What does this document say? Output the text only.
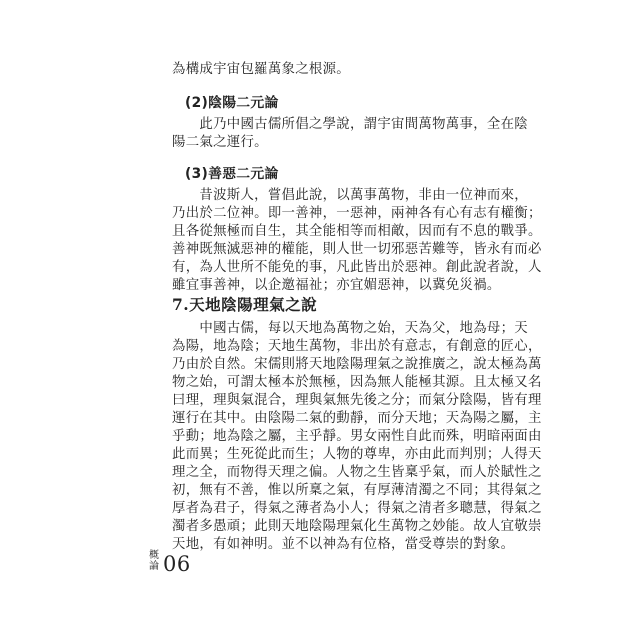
為構成宇宙包羅萬象之根源。
(2)陰陽二元論
　　此乃中國古儒所倡之學說，謂宇宙間萬物萬事，全在陰
陽二氣之運行。
(3)善惡二元論
　　昔波斯人，嘗倡此說，以萬事萬物，非由一位神而來，
乃出於二位神。即一善神，一惡神，兩神各有心有志有權衡；
且各從無極而自生，其全能相等而相敵，因而有不息的戰爭。
善神既無滅惡神的權能，則人世一切邪惡苦難等，皆永有而必
有，為人世所不能免的事，凡此皆出於惡神。創此說者說，人
雖宜事善神，以企邀福祉；亦宜媚惡神，以冀免災禍。
7.天地陰陽理氣之說
　　中國古儒，每以天地為萬物之始，天為父，地為母；天
為陽，地為陰；天地生萬物，非出於有意志，有創意的匠心，
乃由於自然。宋儒則將天地陰陽理氣之說推廣之，說太極為萬
物之始，可謂太極本於無極，因為無人能極其源。且太極又名
曰理，理與氣混合，理與氣無先後之分；而氣分陰陽，皆有理
運行在其中。由陰陽二氣的動靜，而分天地；天為陽之屬，主
乎動；地為陰之屬，主乎靜。男女兩性自此而殊，明暗兩面由
此而異；生死從此而生；人物的尊卑，亦由此而判別；人得天
理之全，而物得天理之偏。人物之生皆稟乎氣，而人於賦性之
初，無有不善，惟以所稟之氣，有厚薄清濁之不同；其得氣之
厚者為君子，得氣之薄者為小人；得氣之清者多聰慧，得氣之
濁者多愚頑；此則天地陰陽理氣化生萬物之妙能。故人宜敬崇
天地，有如神明。並不以神為有位格，當受尊崇的對象。
概
論 06
